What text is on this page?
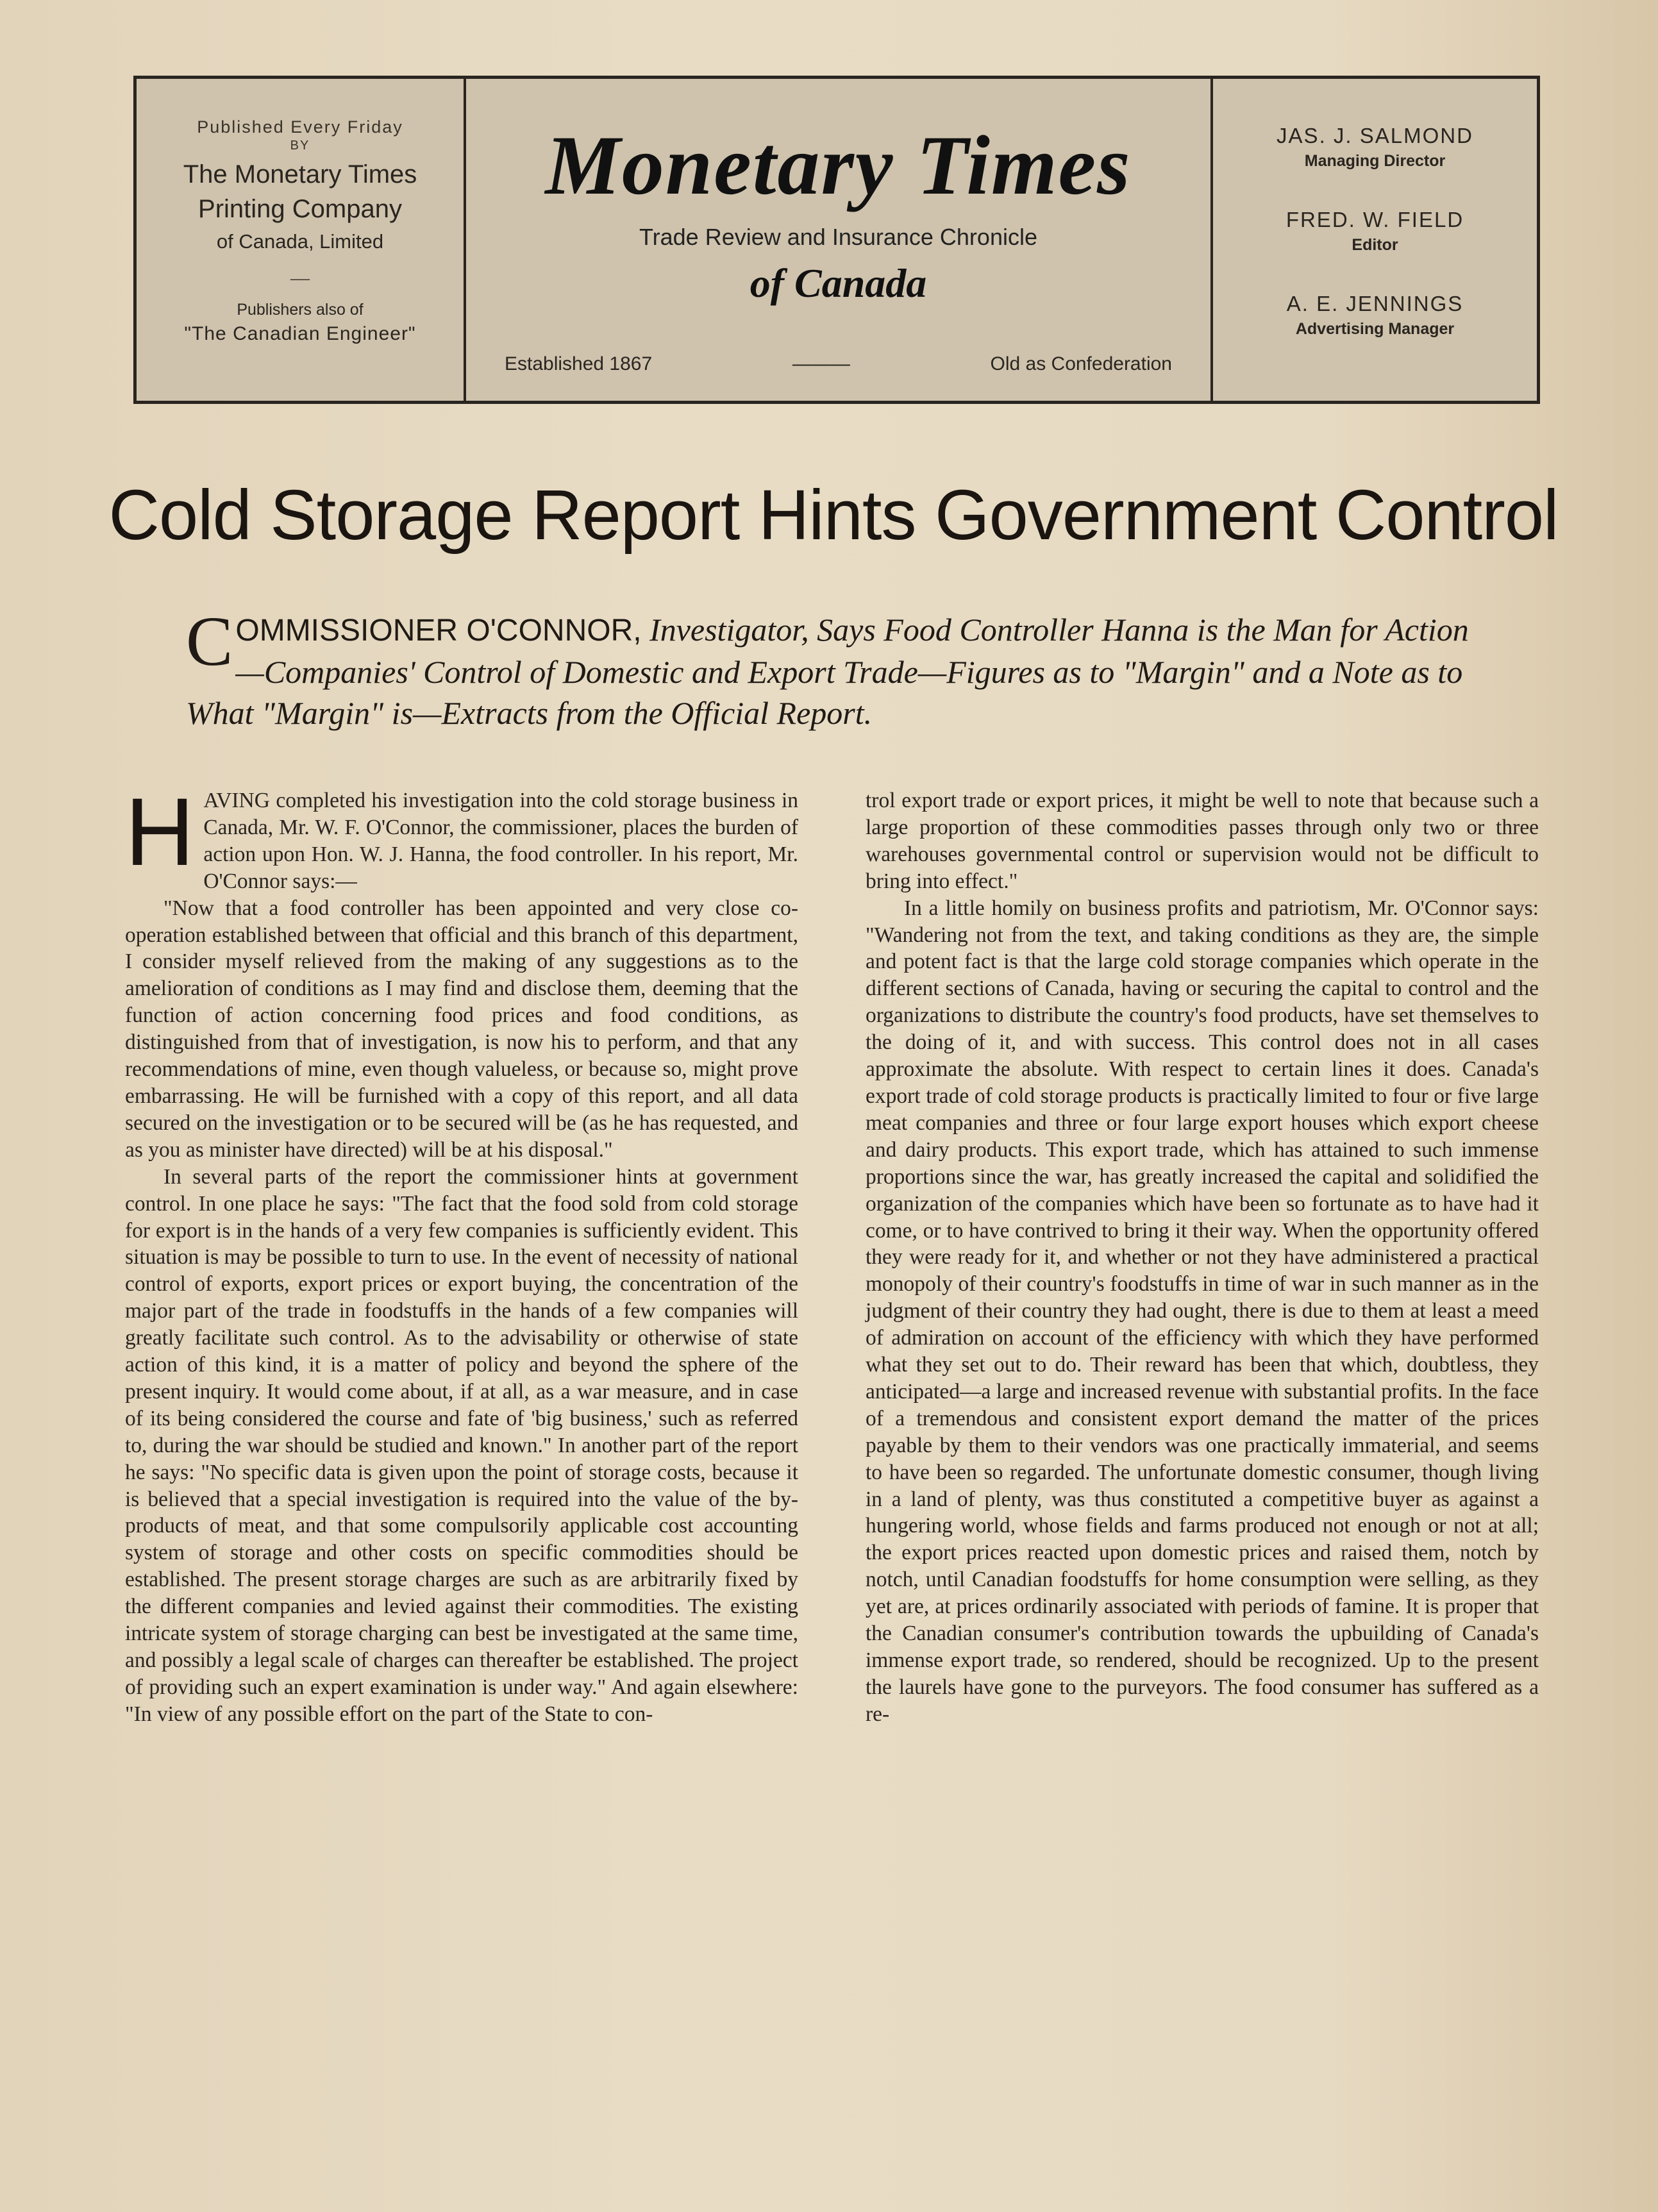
Published Every Friday
BY
The Monetary Times
Printing Company
of Canada, Limited
—
Publishers also of
"The Canadian Engineer"
Monetary Times
Trade Review and Insurance Chronicle
of Canada
Established 1867	———	Old as Confederation
JAS. J. SALMOND
Managing Director
FRED. W. FIELD
Editor
A. E. JENNINGS
Advertising Manager
Cold Storage Report Hints Government Control
COMMISSIONER O'CONNOR, Investigator, Says Food Controller Hanna is the Man for Action—Companies' Control of Domestic and Export Trade—Figures as to "Margin" and a Note as to What "Margin" is—Extracts from the Official Report.

HAVING completed his investigation into the cold storage business in Canada, Mr. W. F. O'Connor, the commissioner, places the burden of action upon Hon. W. J. Hanna, the food controller. In his report, Mr. O'Connor says:—

"Now that a food controller has been appointed and very close co-operation established between that official and this branch of this department, I consider myself relieved from the making of any suggestions as to the amelioration of conditions as I may find and disclose them, deeming that the function of action concerning food prices and food conditions, as distinguished from that of investigation, is now his to perform, and that any recommendations of mine, even though valueless, or because so, might prove embarrassing. He will be furnished with a copy of this report, and all data secured on the investigation or to be secured will be (as he has requested, and as you as minister have directed) will be at his disposal."

In several parts of the report the commissioner hints at government control. In one place he says: "The fact that the food sold from cold storage for export is in the hands of a very few companies is sufficiently evident. This situation is may be possible to turn to use. In the event of necessity of national control of exports, export prices or export buying, the concentration of the major part of the trade in foodstuffs in the hands of a few companies will greatly facilitate such control. As to the advisability or otherwise of state action of this kind, it is a matter of policy and beyond the sphere of the present inquiry. It would come about, if at all, as a war measure, and in case of its being considered the course and fate of 'big business,' such as referred to, during the war should be studied and known." In another part of the report he says: "No specific data is given upon the point of storage costs, because it is believed that a special investigation is required into the value of the by-products of meat, and that some compulsorily applicable cost accounting system of storage and other costs on specific commodities should be established. The present storage charges are such as are arbitrarily fixed by the different companies and levied against their commodities. The existing intricate system of storage charging can best be investigated at the same time, and possibly a legal scale of charges can thereafter be established. The project of providing such an expert examination is under way." And again elsewhere: "In view of any possible effort on the part of the State to con-

trol export trade or export prices, it might be well to note that because such a large proportion of these commodities passes through only two or three warehouses governmental control or supervision would not be difficult to bring into effect."

In a little homily on business profits and patriotism, Mr. O'Connor says: "Wandering not from the text, and taking conditions as they are, the simple and potent fact is that the large cold storage companies which operate in the different sections of Canada, having or securing the capital to control and the organizations to distribute the country's food products, have set themselves to the doing of it, and with success. This control does not in all cases approximate the absolute. With respect to certain lines it does. Canada's export trade of cold storage products is practically limited to four or five large meat companies and three or four large export houses which export cheese and dairy products. This export trade, which has attained to such immense proportions since the war, has greatly increased the capital and solidified the organization of the companies which have been so fortunate as to have had it come, or to have contrived to bring it their way. When the opportunity offered they were ready for it, and whether or not they have administered a practical monopoly of their country's foodstuffs in time of war in such manner as in the judgment of their country they had ought, there is due to them at least a meed of admiration on account of the efficiency with which they have performed what they set out to do. Their reward has been that which, doubtless, they anticipated—a large and increased revenue with substantial profits. In the face of a tremendous and consistent export demand the matter of the prices payable by them to their vendors was one practically immaterial, and seems to have been so regarded. The unfortunate domestic consumer, though living in a land of plenty, was thus constituted a competitive buyer as against a hungering world, whose fields and farms produced not enough or not at all; the export prices reacted upon domestic prices and raised them, notch by notch, until Canadian foodstuffs for home consumption were selling, as they yet are, at prices ordinarily associated with periods of famine. It is proper that the Canadian consumer's contribution towards the upbuilding of Canada's immense export trade, so rendered, should be recognized. Up to the present the laurels have gone to the purveyors. The food consumer has suffered as a re-
